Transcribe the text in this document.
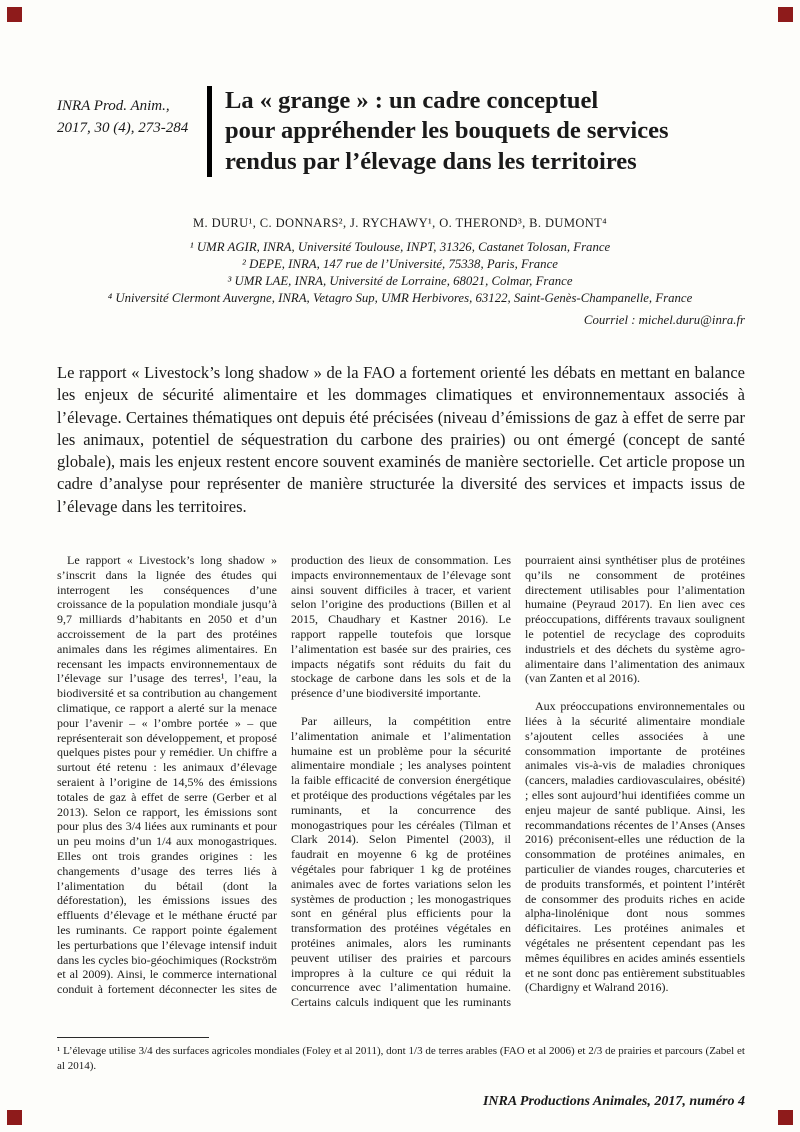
INRA Prod. Anim.,
2017, 30 (4), 273-284
La « grange » : un cadre conceptuel
pour appréhender les bouquets de services
rendus par l’élevage dans les territoires

M. DURU¹, C. DONNARS², J. RYCHAWY¹, O. THEROND³, B. DUMONT⁴

¹ UMR AGIR, INRA, Université Toulouse, INPT, 31326, Castanet Tolosan, France

² DEPE, INRA, 147 rue de l’Université, 75338, Paris, France

³ UMR LAE, INRA, Université de Lorraine, 68021, Colmar, France

⁴ Université Clermont Auvergne, INRA, Vetagro Sup, UMR Herbivores, 63122, Saint-Genès-Champanelle, France

Courriel : michel.duru@inra.fr

Le rapport « Livestock’s long shadow » de la FAO a fortement orienté les débats en mettant en balance les enjeux de sécurité alimentaire et les dommages climatiques et environnementaux associés à l’élevage. Certaines thématiques ont depuis été précisées (niveau d’émissions de gaz à effet de serre par les animaux, potentiel de séquestration du carbone des prairies) ou ont émergé (concept de santé globale), mais les enjeux restent encore souvent examinés de manière sectorielle. Cet article propose un cadre d’analyse pour représenter de manière structurée la diversité des services et impacts issus de l’élevage dans les territoires.

Le rapport « Livestock’s long shadow » s’inscrit dans la lignée des études qui interrogent les conséquences d’une croissance de la population mondiale jusqu’à 9,7 milliards d’habitants en 2050 et d’un accroissement de la part des protéines animales dans les régimes alimentaires. En recensant les impacts environnementaux de l’élevage sur l’usage des terres¹, l’eau, la biodiversité et sa contribution au changement climatique, ce rapport a alerté sur la menace pour l’avenir – « l’ombre portée » – que représenterait son développement, et proposé quelques pistes pour y remédier. Un chiffre a surtout été retenu : les animaux d’élevage seraient à l’origine de 14,5% des émissions totales de gaz à effet de serre (Gerber et al 2013). Selon ce rapport, les émissions sont pour plus des 3/4 liées aux ruminants et pour un peu moins d’un 1/4 aux monogastriques. Elles ont trois grandes origines : les changements d’usage des terres liés à l’alimentation du bétail (dont la déforestation), les émissions issues des effluents d’élevage et le méthane éructé par les ruminants. Ce rapport pointe également les perturbations que l’élevage intensif induit dans les cycles bio-géochimiques (Rockström et al 2009). Ainsi, le commerce international conduit à fortement déconnecter les sites de production des lieux de consommation. Les impacts environnementaux de l’élevage sont ainsi souvent difficiles à tracer, et varient selon l’origine des productions (Billen et al 2015, Chaudhary et Kastner 2016). Le rapport rappelle toutefois que lorsque l’alimentation est basée sur des prairies, ces impacts négatifs sont réduits du fait du stockage de carbone dans les sols et de la présence d’une biodiversité importante.

Par ailleurs, la compétition entre l’alimentation animale et l’alimentation humaine est un problème pour la sécurité alimentaire mondiale ; les analyses pointent la faible efficacité de conversion énergétique et protéique des productions végétales par les ruminants, et la concurrence des monogastriques pour les céréales (Tilman et Clark 2014). Selon Pimentel (2003), il faudrait en moyenne 6 kg de protéines végétales pour fabriquer 1 kg de protéines animales avec de fortes variations selon les systèmes de production ; les monogastriques sont en général plus efficients pour la transformation des protéines végétales en protéines animales, alors les ruminants peuvent utiliser des prairies et parcours impropres à la culture ce qui réduit la concurrence avec l’alimentation humaine. Certains calculs indiquent que les ruminants pourraient ainsi synthétiser plus de protéines qu’ils ne consomment de protéines directement utilisables pour l’alimentation humaine (Peyraud 2017). En lien avec ces préoccupations, différents travaux soulignent le potentiel de recyclage des coproduits industriels et des déchets du système agro-alimentaire dans l’alimentation des animaux (van Zanten et al 2016).

Aux préoccupations environnementales ou liées à la sécurité alimentaire mondiale s’ajoutent celles associées à une consommation importante de protéines animales vis-à-vis de maladies chroniques (cancers, maladies cardiovasculaires, obésité) ; elles sont aujourd’hui identifiées comme un enjeu majeur de santé publique. Ainsi, les recommandations récentes de l’Anses (Anses 2016) préconisent-elles une réduction de la consommation de protéines animales, en particulier de viandes rouges, charcuteries et de produits transformés, et pointent l’intérêt de consommer des produits riches en acide alpha-linolénique dont nous sommes déficitaires. Les protéines animales et végétales ne présentent cependant pas les mêmes équilibres en acides aminés essentiels et ne sont donc pas entièrement substituables (Chardigny et Walrand 2016).

¹ L’élevage utilise 3/4 des surfaces agricoles mondiales (Foley et al 2011), dont 1/3 de terres arables (FAO et al 2006) et 2/3 de prairies et parcours (Zabel et al 2014).

INRA Productions Animales, 2017, numéro 4
